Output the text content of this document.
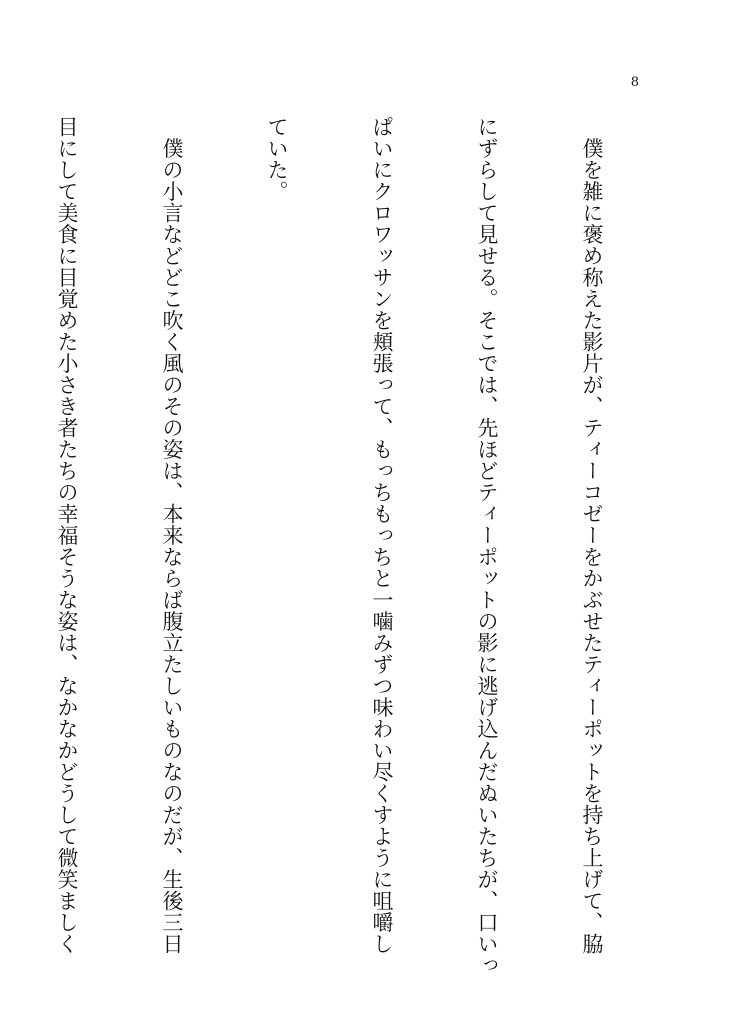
8

　僕を雑に褒め称えた影片が、ティーコゼーをかぶせたティーポットを持ち上げて、脇

にずらして見せる。そこでは、先ほどティーポットの影に逃げ込んだぬいたちが、口いっ

ぱいにクロワッサンを頬張って、もっちもっちと一噛みずつ味わい尽くすように咀嚼し

ていた。

　僕の小言などどこ吹く風のその姿は、本来ならば腹立たしいものなのだが、生後三日

目にして美食に目覚めた小さき者たちの幸福そうな姿は、なかなかどうして微笑ましく
